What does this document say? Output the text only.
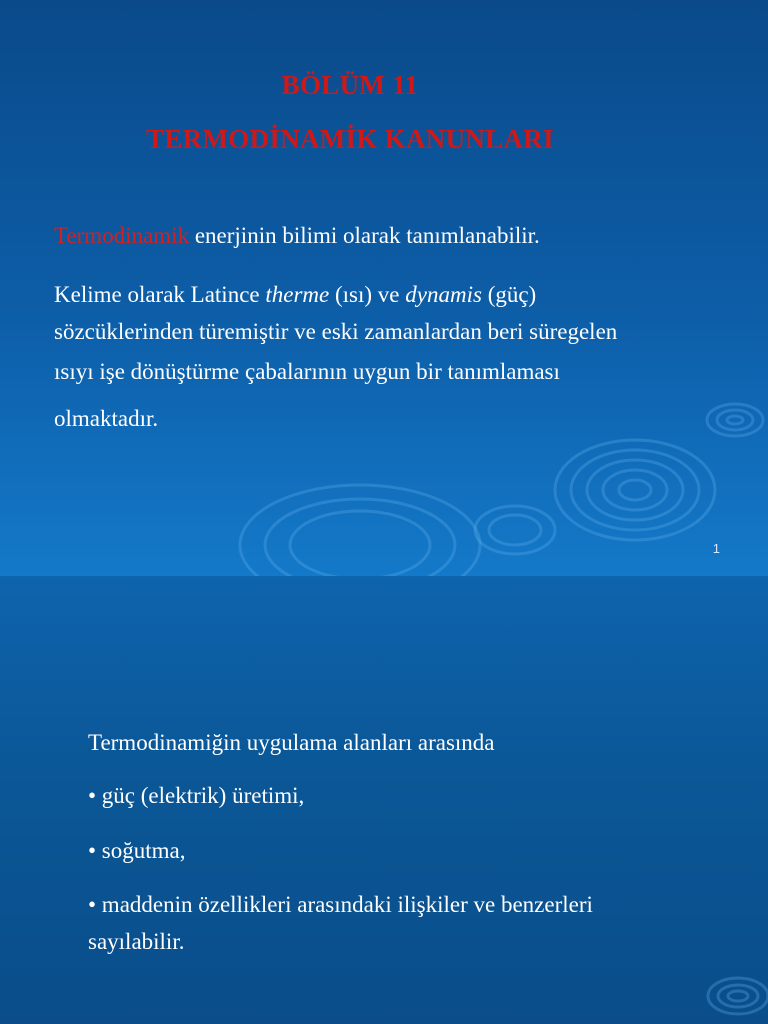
BÖLÜM 11
TERMODİNAMİK KANUNLARI
Termodinamik enerjinin bilimi olarak tanımlanabilir.
Kelime olarak Latince therme (ısı) ve dynamis (güç)
sözcüklerinden türemiştir ve eski zamanlardan beri süregelen
ısıyı işe dönüştürme çabalarının uygun bir tanımlaması
olmaktadır.
1
Termodinamiğin uygulama alanları arasında
• güç (elektrik) üretimi,
• soğutma,
• maddenin özellikleri arasındaki ilişkiler ve benzerleri
sayılabilir.
